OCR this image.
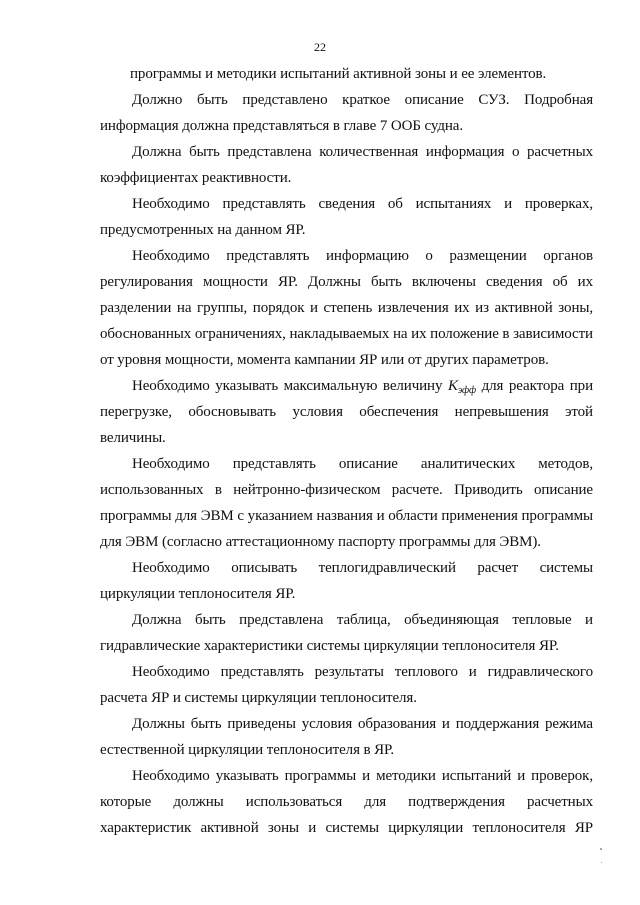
22

программы и методики испытаний активной зоны и ее элементов.

Должно быть представлено краткое описание СУЗ. Подробная информация должна представляться в главе 7 ООБ судна.

Должна быть представлена количественная информация о расчетных коэффициентах реактивности.

Необходимо представлять сведения об испытаниях и проверках, предусмотренных на данном ЯР.

Необходимо представлять информацию о размещении органов регулирования мощности ЯР. Должны быть включены сведения об их разделении на группы, порядок и степень извлечения их из активной зоны, обоснованных ограничениях, накладываемых на их положение в зависимости от уровня мощности, момента кампании ЯР или от других параметров.

Необходимо указывать максимальную величину $K_{эфф}$ для реактора при перегрузке, обосновывать условия обеспечения непревышения этой величины.

Необходимо представлять описание аналитических методов, использованных в нейтронно-физическом расчете. Приводить описание программы для ЭВМ с указанием названия и области применения программы для ЭВМ (согласно аттестационному паспорту программы для ЭВМ).

Необходимо описывать теплогидравлический расчет системы циркуляции теплоносителя ЯР.

Должна быть представлена таблица, объединяющая тепловые и гидравлические характеристики системы циркуляции теплоносителя ЯР.

Необходимо представлять результаты теплового и гидравлического расчета ЯР и системы циркуляции теплоносителя.

Должны быть приведены условия образования и поддержания режима естественной циркуляции теплоносителя в ЯР.

Необходимо указывать программы и методики испытаний и проверок, которые должны использоваться для подтверждения расчетных характеристик активной зоны и системы циркуляции теплоносителя ЯР
